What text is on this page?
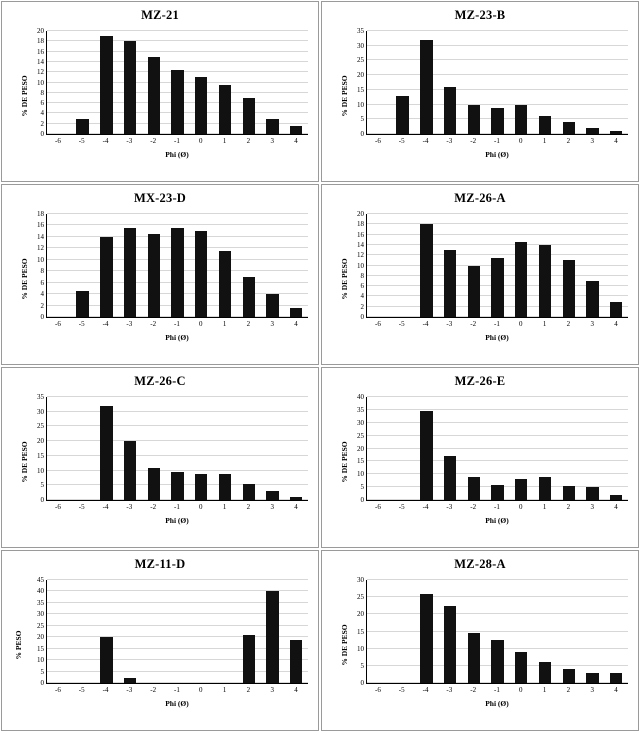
MZ-21
% DE PESO
0
2
4
6
8
10
12
14
16
18
20
-6	-5	-4	-3	-2	-1	0	1	2	3	4
Phi (Ø)
MZ-23-B
% DE PESO
0
5
10
15
20
25
30
35
-6	-5	-4	-3	-2	-1	0	1	2	3	4
Phi (Ø)
MX-23-D
% DE PESO
0
2
4
6
8
10
12
14
16
18
-6	-5	-4	-3	-2	-1	0	1	2	3	4
Phi (Ø)
MZ-26-A
% DE PESO
0
2
4
6
8
10
12
14
16
18
20
-6	-5	-4	-3	-2	-1	0	1	2	3	4
Phi (Ø)
MZ-26-C
% DE PESO
0
5
10
15
20
25
30
35
-6	-5	-4	-3	-2	-1	0	1	2	3	4
Phi (Ø)
MZ-26-E
% DE PESO
0
5
10
15
20
25
30
35
40
-6	-5	-4	-3	-2	-1	0	1	2	3	4
Phi (Ø)
MZ-11-D
% PESO
0
5
10
15
20
25
30
35
40
45
-6	-5	-4	-3	-2	-1	0	1	2	3	4
Phi (Ø)
MZ-28-A
% DE PESO
0
5
10
15
20
25
30
-6	-5	-4	-3	-2	-1	0	1	2	3	4
Phi (Ø)
